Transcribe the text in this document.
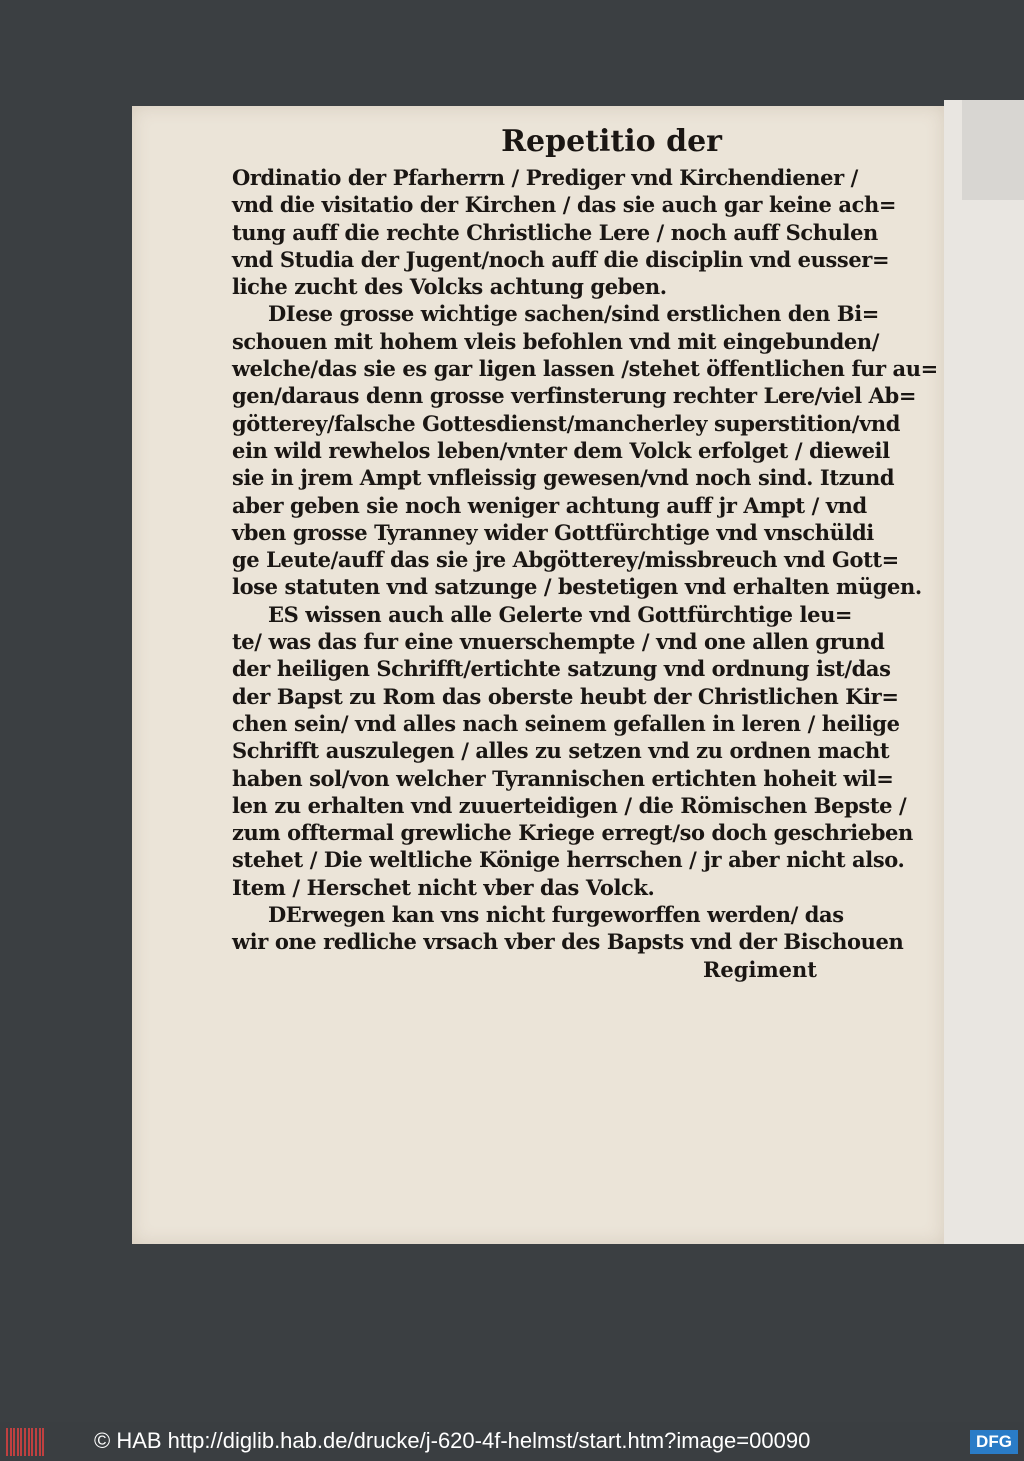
Repetitio der
Ordinatio der Pfarherrn / Prediger vnd Kirchendiener /
vnd die visitatio der Kirchen / das sie auch gar keine ach=
tung auff die rechte Christliche Lere / noch auff Schulen
vnd Studia der Jugent/noch auff die disciplin vnd eusser=
liche zucht des Volcks achtung geben.
DIese grosse wichtige sachen/sind erstlichen den Bi=
schouen mit hohem vleis befohlen vnd mit eingebunden/
welche/das sie es gar ligen lassen /stehet öffentlichen fur au=
gen/daraus denn grosse verfinsterung rechter Lere/viel Ab=
götterey/falsche Gottesdienst/mancherley superstition/vnd
ein wild rewhelos leben/vnter dem Volck erfolget / dieweil
sie in jrem Ampt vnfleissig gewesen/vnd noch sind. Itzund
aber geben sie noch weniger achtung auff jr Ampt / vnd
vben grosse Tyranney wider Gottfürchtige vnd vnschüldi
ge Leute/auff das sie jre Abgötterey/missbreuch vnd Gott=
lose statuten vnd satzunge / bestetigen vnd erhalten mügen.
ES wissen auch alle Gelerte vnd Gottfürchtige leu=
te/ was das fur eine vnuerschempte / vnd one allen grund
der heiligen Schrifft/ertichte satzung vnd ordnung ist/das
der Bapst zu Rom das oberste heubt der Christlichen Kir=
chen sein/ vnd alles nach seinem gefallen in leren / heilige
Schrifft auszulegen / alles zu setzen vnd zu ordnen macht
haben sol/von welcher Tyrannischen ertichten hoheit wil=
len zu erhalten vnd zuuerteidigen / die Römischen Bepste /
zum offtermal grewliche Kriege erregt/so doch geschrieben
stehet / Die weltliche Könige herrschen / jr aber nicht also.
Item / Herschet nicht vber das Volck.
DErwegen kan vns nicht furgeworffen werden/ das
wir one redliche vrsach vber des Bapsts vnd der Bischouen
Regiment
© HAB http://diglib.hab.de/drucke/j-620-4f-helmst/start.htm?image=00090	DFG
